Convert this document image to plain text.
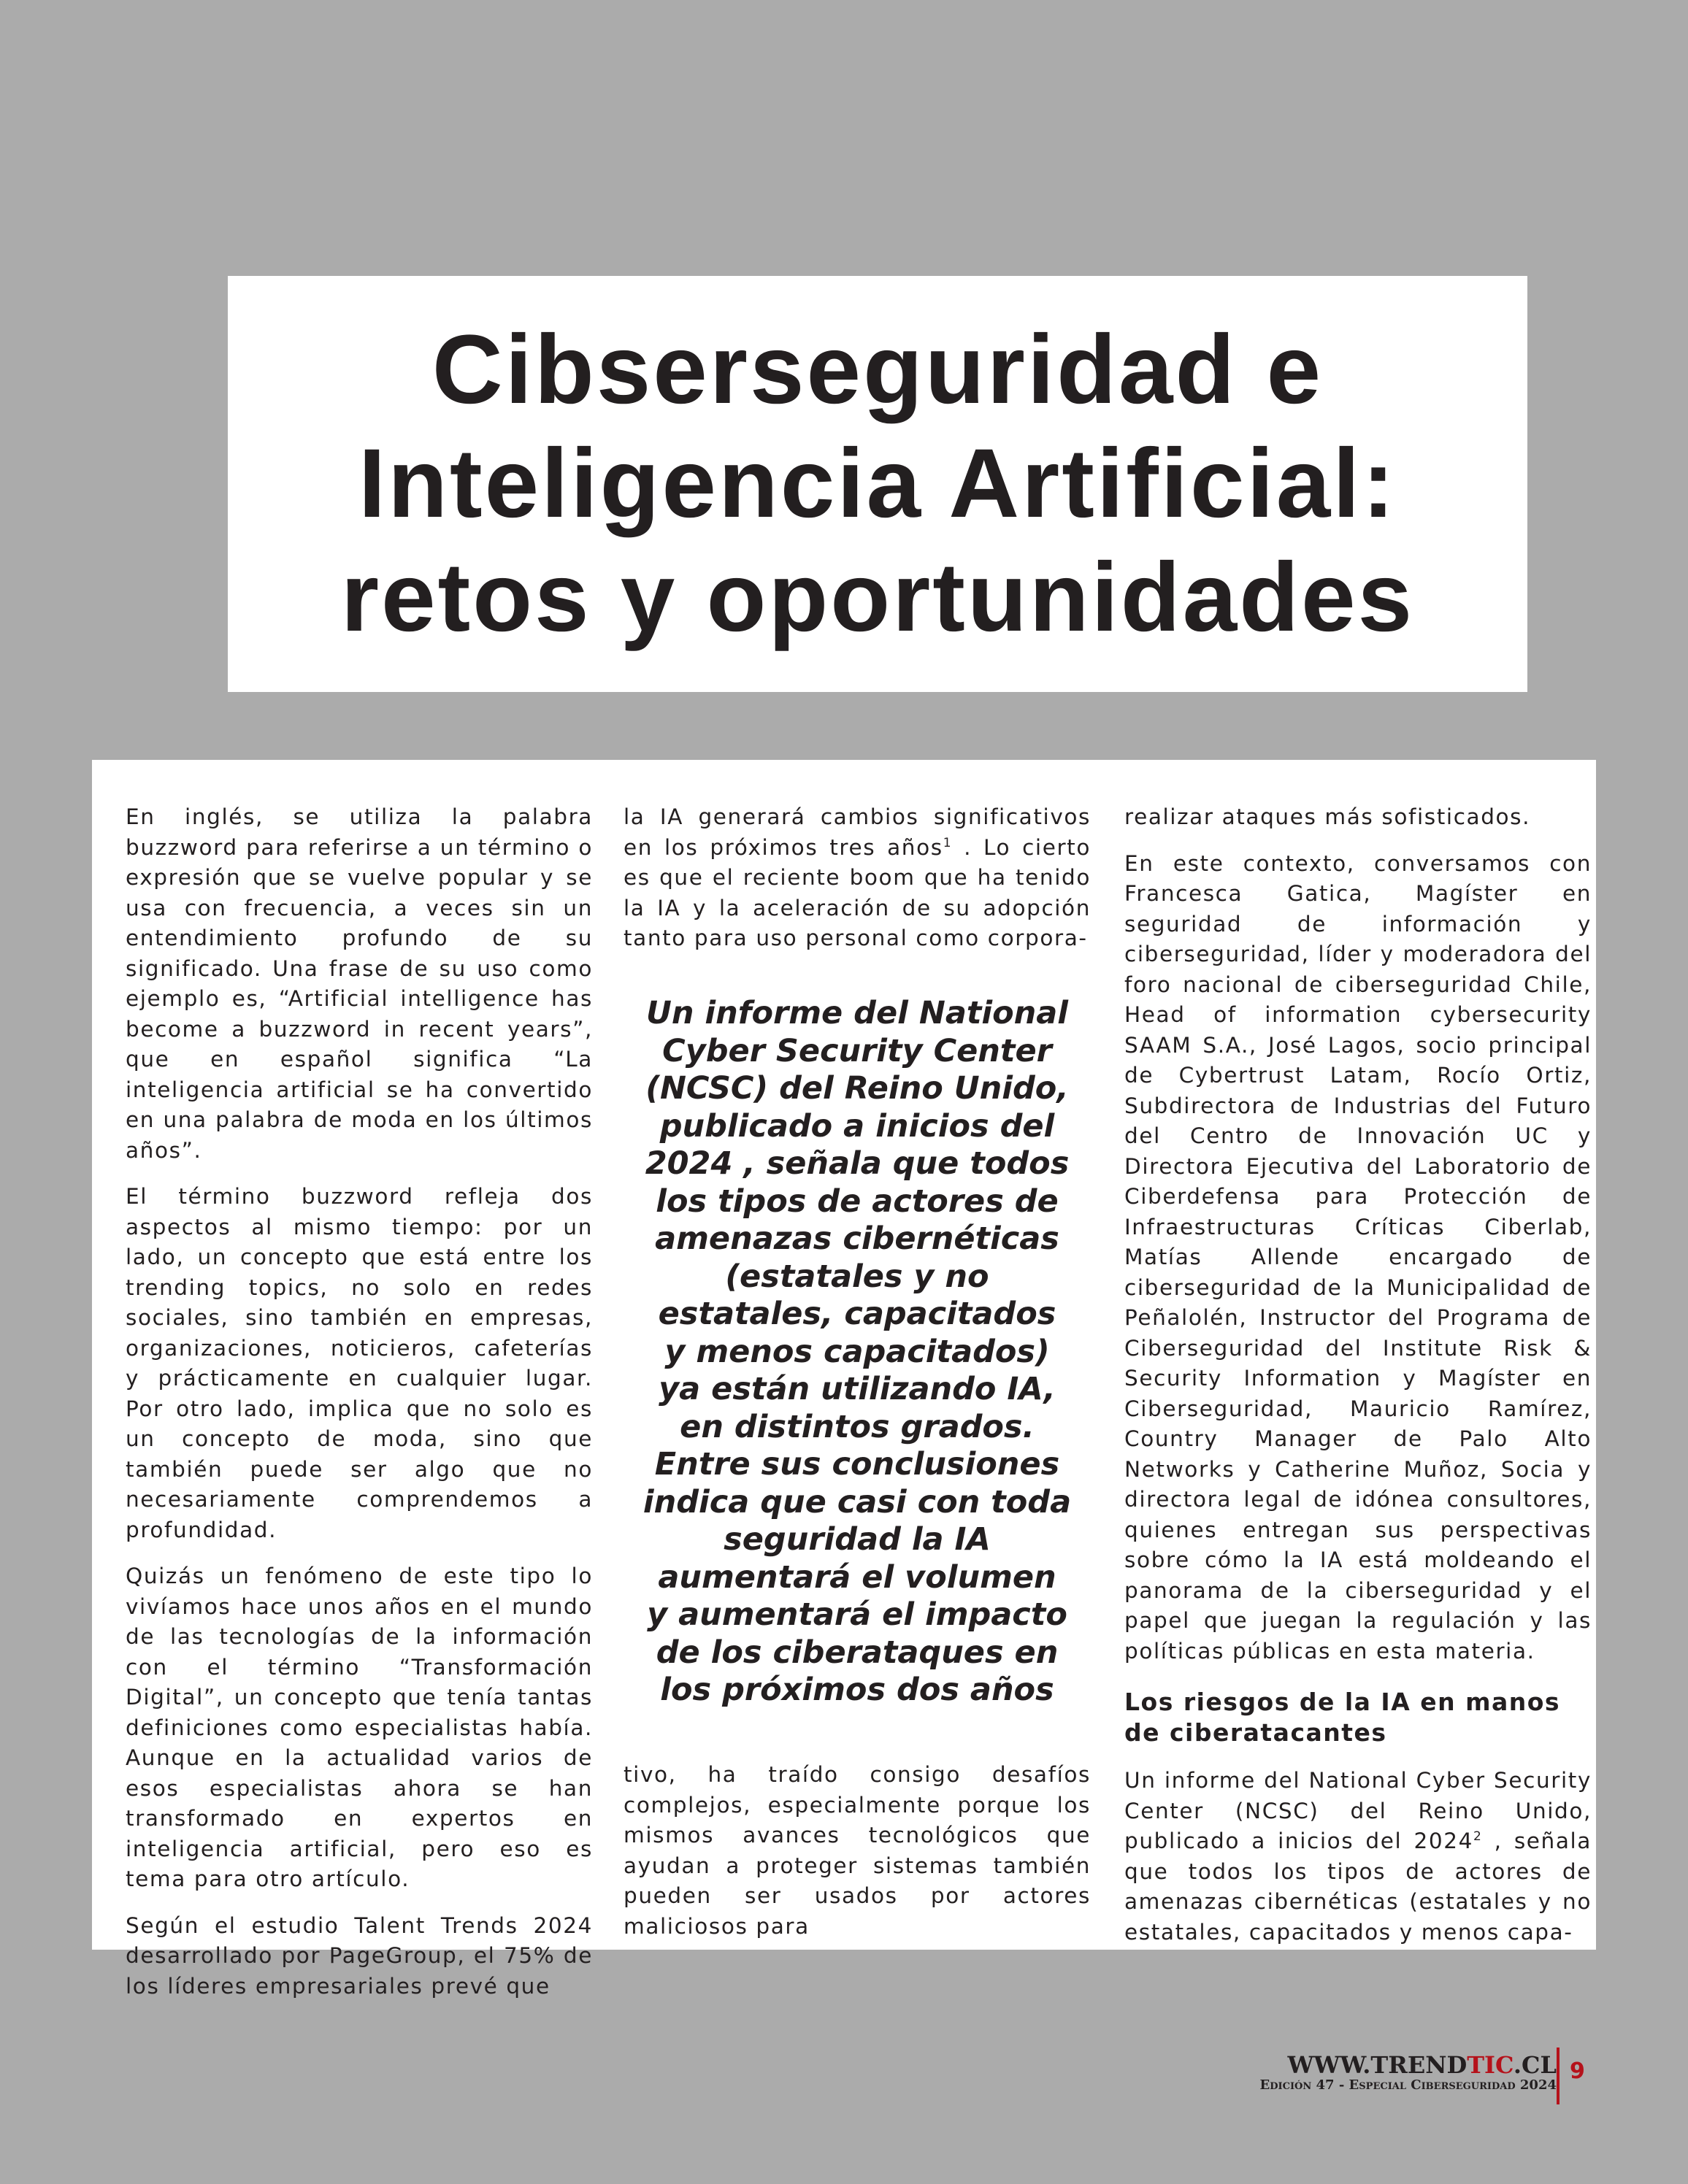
Cibserseguridad e
Inteligencia Artificial:
retos y oportunidades

En inglés, se utiliza la palabra buzzword para referirse a un término o expresión que se vuelve popular y se usa con frecuencia, a veces sin un entendimiento profundo de su significado. Una frase de su uso como ejemplo es, “Artificial intelligence has become a buzzword in recent years”, que en español significa “La inteligencia artificial se ha convertido en una palabra de moda en los últimos años”.

El término buzzword refleja dos aspectos al mismo tiempo: por un lado, un concepto que está entre los trending topics, no solo en redes sociales, sino también en empresas, organizaciones, noticieros, cafeterías y prácticamente en cualquier lugar. Por otro lado, implica que no solo es un concepto de moda, sino que también puede ser algo que no necesariamente comprendemos a profundidad.

Quizás un fenómeno de este tipo lo vivíamos hace unos años en el mundo de las tecnologías de la información con el término “Transformación Digital”, un concepto que tenía tantas definiciones como especialistas había. Aunque en la actualidad varios de esos especialistas ahora se han transformado en expertos en inteligencia artificial, pero eso es tema para otro artículo.

Según el estudio Talent Trends 2024 desarrollado por PageGroup, el 75% de los líderes empresariales prevé que

la IA generará cambios significativos en los próximos tres años$^1$ . Lo cierto es que el reciente boom que ha tenido la IA y la aceleración de su adopción tanto para uso personal como corpora-

Un informe del National
Cyber Security Center
(NCSC) del Reino Unido,
publicado a inicios del
2024 , señala que todos
los tipos de actores de
amenazas cibernéticas
(estatales y no
estatales, capacitados
y menos capacitados)
ya están utilizando IA,
en distintos grados.
Entre sus conclusiones
indica que casi con toda
seguridad la IA
aumentará el volumen
y aumentará el impacto
de los ciberataques en
los próximos dos años

tivo, ha traído consigo desafíos complejos, especialmente porque los mismos avances tecnológicos que ayudan a proteger sistemas también pueden ser usados por actores maliciosos para

realizar ataques más sofisticados.

En este contexto, conversamos con Francesca Gatica, Magíster en seguridad de información y ciberseguridad, líder y moderadora del foro nacional de ciberseguridad Chile, Head of information cybersecurity SAAM S.A., José Lagos, socio principal de Cybertrust Latam, Rocío Ortiz, Subdirectora de Industrias del Futuro del Centro de Innovación UC y Directora Ejecutiva del Laboratorio de Ciberdefensa para Protección de Infraestructuras Críticas Ciberlab, Matías Allende encargado de ciberseguridad de la Municipalidad de Peñalolén, Instructor del Programa de Ciberseguridad del Institute Risk & Security Information y Magíster en Ciberseguridad, Mauricio Ramírez, Country Manager de Palo Alto Networks y Catherine Muñoz, Socia y directora legal de idónea consultores, quienes entregan sus perspectivas sobre cómo la IA está moldeando el panorama de la ciberseguridad y el papel que juegan la regulación y las políticas públicas en esta materia.

Los riesgos de la IA en manos de ciberatacantes

Un informe del National Cyber Security Center (NCSC) del Reino Unido, publicado a inicios del 2024$^2$ , señala que todos los tipos de actores de amenazas cibernéticas (estatales y no estatales, capacitados y menos capa-

WWW.TRENDTIC.CL
Edición 47 - Especial Ciberseguridad 2024
9
